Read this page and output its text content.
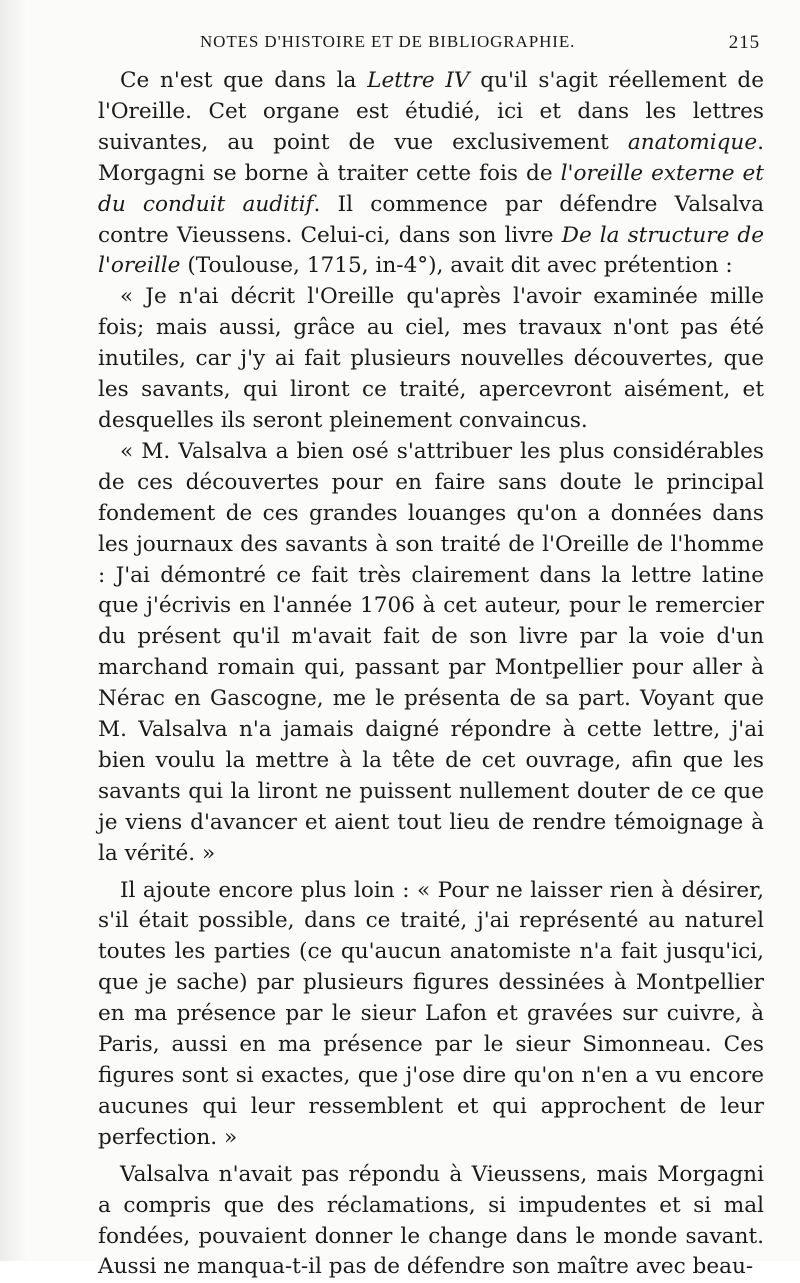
NOTES D'HISTOIRE ET DE BIBLIOGRAPHIE.	215

Ce n'est que dans la Lettre IV qu'il s'agit réellement de l'Oreille. Cet organe est étudié, ici et dans les lettres suivantes, au point de vue exclusivement anatomique. Morgagni se borne à traiter cette fois de l'oreille externe et du conduit auditif. Il commence par défendre Valsalva contre Vieussens. Celui-ci, dans son livre De la structure de l'oreille (Toulouse, 1715, in-4°), avait dit avec prétention :

« Je n'ai décrit l'Oreille qu'après l'avoir examinée mille fois; mais aussi, grâce au ciel, mes travaux n'ont pas été inutiles, car j'y ai fait plusieurs nouvelles découvertes, que les savants, qui liront ce traité, apercevront aisément, et desquelles ils seront pleinement convaincus.

« M. Valsalva a bien osé s'attribuer les plus considérables de ces découvertes pour en faire sans doute le principal fondement de ces grandes louanges qu'on a données dans les journaux des savants à son traité de l'Oreille de l'homme : J'ai démontré ce fait très clairement dans la lettre latine que j'écrivis en l'année 1706 à cet auteur, pour le remercier du présent qu'il m'avait fait de son livre par la voie d'un marchand romain qui, passant par Montpellier pour aller à Nérac en Gascogne, me le présenta de sa part. Voyant que M. Valsalva n'a jamais daigné répondre à cette lettre, j'ai bien voulu la mettre à la tête de cet ouvrage, afin que les savants qui la liront ne puissent nullement douter de ce que je viens d'avancer et aient tout lieu de rendre témoignage à la vérité. »

Il ajoute encore plus loin : « Pour ne laisser rien à désirer, s'il était possible, dans ce traité, j'ai représenté au naturel toutes les parties (ce qu'aucun anatomiste n'a fait jusqu'ici, que je sache) par plusieurs figures dessinées à Montpellier en ma présence par le sieur Lafon et gravées sur cuivre, à Paris, aussi en ma présence par le sieur Simonneau. Ces figures sont si exactes, que j'ose dire qu'on n'en a vu encore aucunes qui leur ressemblent et qui approchent de leur perfection. »

Valsalva n'avait pas répondu à Vieussens, mais Morgagni a compris que des réclamations, si impudentes et si mal fondées, pouvaient donner le change dans le monde savant. Aussi ne manqua-t-il pas de défendre son maître avec beau-
